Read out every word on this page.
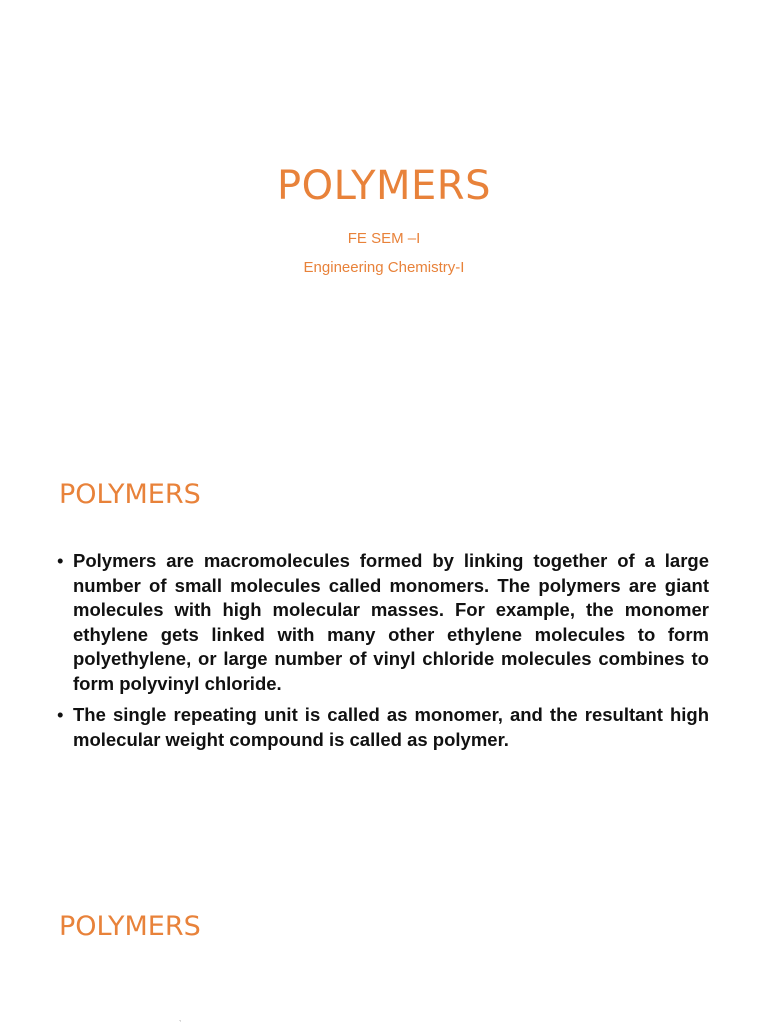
POLYMERS
FE SEM –I
Engineering Chemistry-I
POLYMERS
• Polymers are macromolecules formed by linking together of a large number of small molecules called monomers. The polymers are giant molecules with high molecular masses. For example, the monomer ethylene gets linked with many other ethylene molecules to form polyethylene, or large number of vinyl chloride molecules combines to form polyvinyl chloride.
• The single repeating unit is called as monomer, and the resultant high molecular weight compound is called as polymer.
POLYMERS
ˎ
